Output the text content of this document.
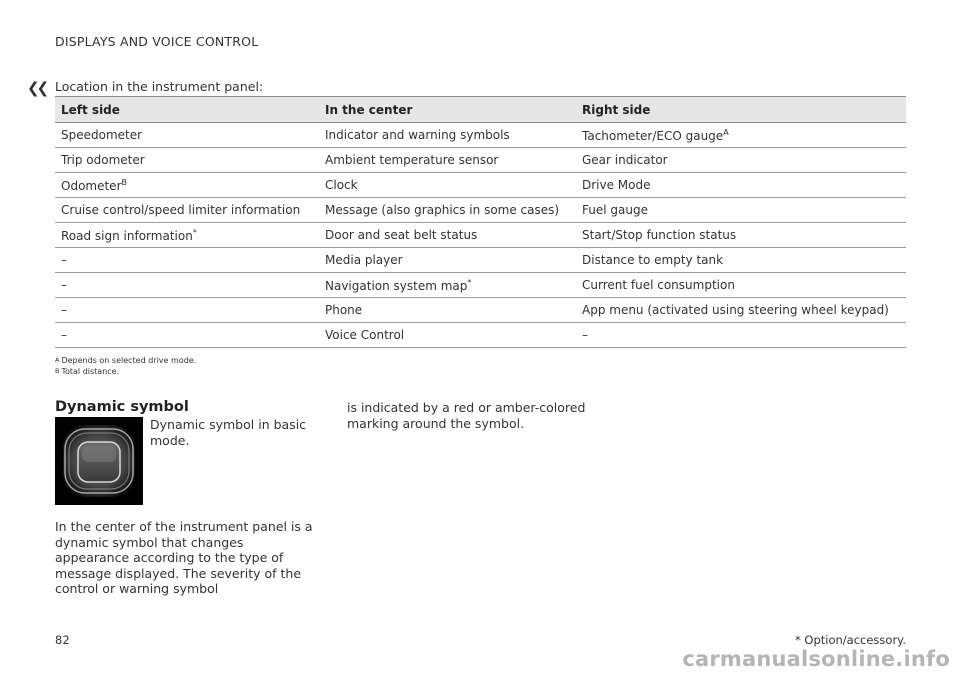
DISPLAYS AND VOICE CONTROL
❮❮ Location in the instrument panel:
Left side	In the center	Right side
Speedometer	Indicator and warning symbols	Tachometer/ECO gauge$^A$
Trip odometer	Ambient temperature sensor	Gear indicator
Odometer$^B$	Clock	Drive Mode
Cruise control/speed limiter information	Message (also graphics in some cases)	Fuel gauge
Road sign information*	Door and seat belt status	Start/Stop function status
–	Media player	Distance to empty tank
–	Navigation system map*	Current fuel consumption
–	Phone	App menu (activated using steering wheel keypad)
–	Voice Control	–
A Depends on selected drive mode.
B Total distance.
Dynamic symbol
Dynamic symbol in basic mode.
In the center of the instrument panel is a dynamic symbol that changes appearance according to the type of message displayed. The severity of the control or warning symbol
is indicated by a red or amber-colored marking around the symbol.
82	* Option/accessory.
carmanualsonline.info
